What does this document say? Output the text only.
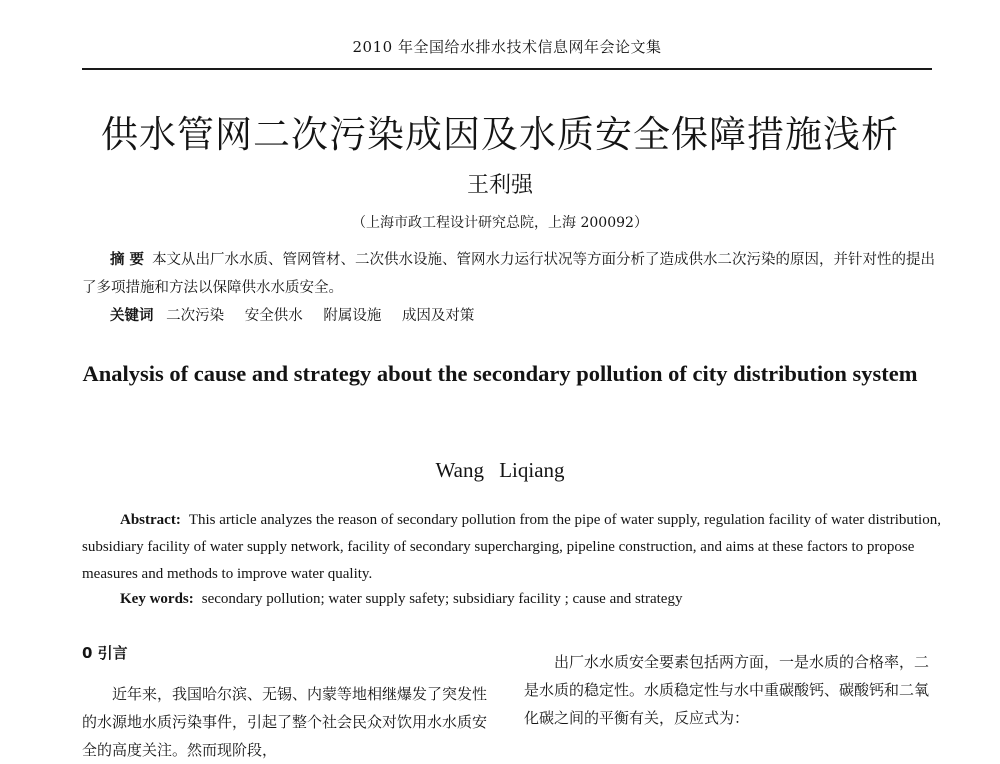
2010 年全国给水排水技术信息网年会论文集
供水管网二次污染成因及水质安全保障措施浅析
王利强
（上海市政工程设计研究总院，上海 200092）
摘 要 本文从出厂水水质、管网管材、二次供水设施、管网水力运行状况等方面分析了造成供水二次污染的原因，并针对性的提出了多项措施和方法以保障供水水质安全。
关键词 二次污染 安全供水 附属设施 成因及对策
Analysis of cause and strategy about the secondary pollution of city distribution system
Wang Liqiang
Abstract: This article analyzes the reason of secondary pollution from the pipe of water supply, regulation facility of water distribution, subsidiary facility of water supply network, facility of secondary supercharging, pipeline construction, and aims at these factors to propose measures and methods to improve water quality.
Key words: secondary pollution; water supply safety; subsidiary facility ; cause and strategy
0 引言
近年来，我国哈尔滨、无锡、内蒙等地相继爆发了突发性的水源地水质污染事件，引起了整个社会民众对饮用水水质安全的高度关注。然而现阶段，
出厂水水质安全要素包括两方面，一是水质的合格率，二是水质的稳定性。水质稳定性与水中重碳酸钙、碳酸钙和二氧化碳之间的平衡有关，反应式为：
